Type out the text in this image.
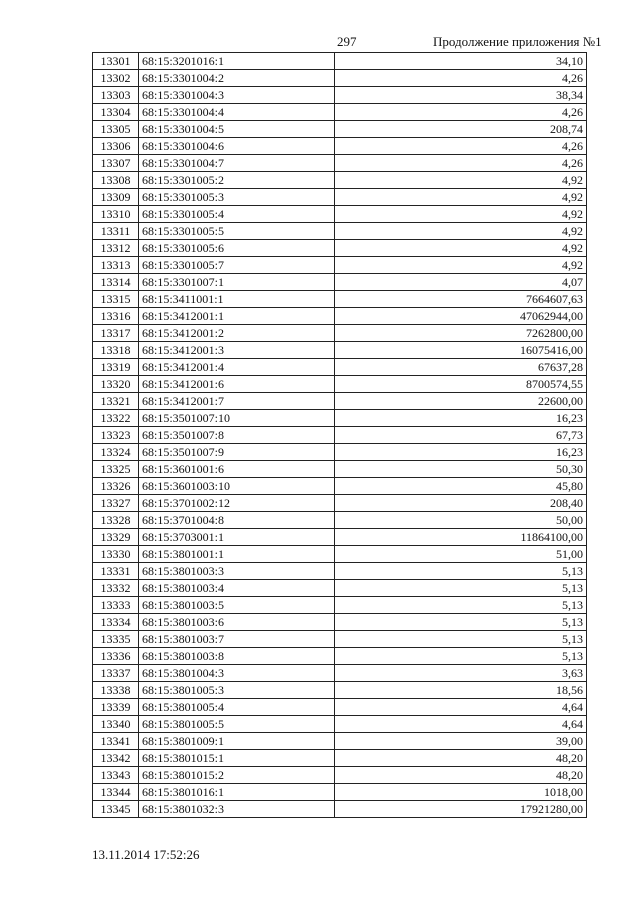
297	Продолжение приложения №1
13301	68:15:3201016:1	34,10
13302	68:15:3301004:2	4,26
13303	68:15:3301004:3	38,34
13304	68:15:3301004:4	4,26
13305	68:15:3301004:5	208,74
13306	68:15:3301004:6	4,26
13307	68:15:3301004:7	4,26
13308	68:15:3301005:2	4,92
13309	68:15:3301005:3	4,92
13310	68:15:3301005:4	4,92
13311	68:15:3301005:5	4,92
13312	68:15:3301005:6	4,92
13313	68:15:3301005:7	4,92
13314	68:15:3301007:1	4,07
13315	68:15:3411001:1	7664607,63
13316	68:15:3412001:1	47062944,00
13317	68:15:3412001:2	7262800,00
13318	68:15:3412001:3	16075416,00
13319	68:15:3412001:4	67637,28
13320	68:15:3412001:6	8700574,55
13321	68:15:3412001:7	22600,00
13322	68:15:3501007:10	16,23
13323	68:15:3501007:8	67,73
13324	68:15:3501007:9	16,23
13325	68:15:3601001:6	50,30
13326	68:15:3601003:10	45,80
13327	68:15:3701002:12	208,40
13328	68:15:3701004:8	50,00
13329	68:15:3703001:1	11864100,00
13330	68:15:3801001:1	51,00
13331	68:15:3801003:3	5,13
13332	68:15:3801003:4	5,13
13333	68:15:3801003:5	5,13
13334	68:15:3801003:6	5,13
13335	68:15:3801003:7	5,13
13336	68:15:3801003:8	5,13
13337	68:15:3801004:3	3,63
13338	68:15:3801005:3	18,56
13339	68:15:3801005:4	4,64
13340	68:15:3801005:5	4,64
13341	68:15:3801009:1	39,00
13342	68:15:3801015:1	48,20
13343	68:15:3801015:2	48,20
13344	68:15:3801016:1	1018,00
13345	68:15:3801032:3	17921280,00
13.11.2014 17:52:26
